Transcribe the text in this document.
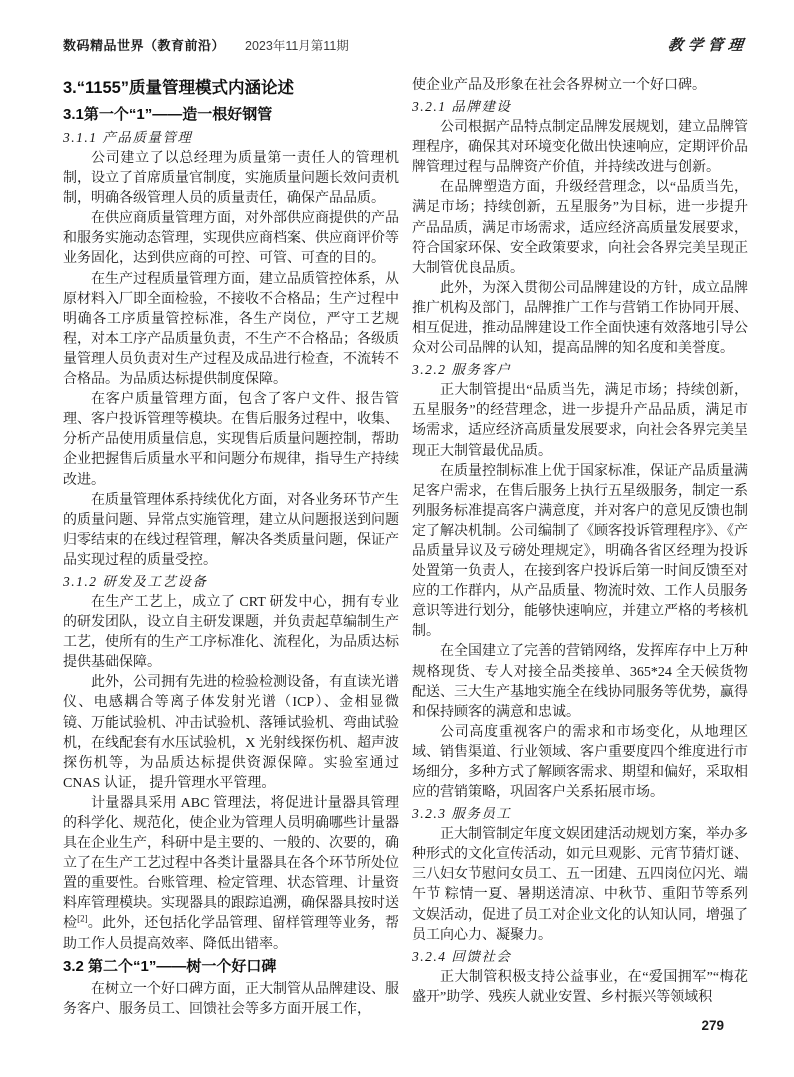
数码精品世界（教育前沿） 2023年11月第11期	教学管理
3.“1155”质量管理模式内涵论述
3.1第一个“1”——造一根好钢管
3.1.1 产品质量管理

公司建立了以总经理为质量第一责任人的管理机制，设立了首席质量官制度，实施质量问题长效问责机制，明确各级管理人员的质量责任，确保产品品质。

在供应商质量管理方面，对外部供应商提供的产品和服务实施动态管理，实现供应商档案、供应商评价等业务固化，达到供应商的可控、可管、可查的目的。

在生产过程质量管理方面，建立品质管控体系，从原材料入厂即全面检验，不接收不合格品；生产过程中明确各工序质量管控标准，各生产岗位，严守工艺规程，对本工序产品质量负责，不生产不合格品；各级质量管理人员负责对生产过程及成品进行检查，不流转不合格品。为品质达标提供制度保障。

在客户质量管理方面，包含了客户文件、报告管理、客户投诉管理等模块。在售后服务过程中，收集、分析产品使用质量信息，实现售后质量问题控制，帮助企业把握售后质量水平和问题分布规律，指导生产持续改进。

在质量管理体系持续优化方面，对各业务环节产生的质量问题、异常点实施管理，建立从问题报送到问题归零结束的在线过程管理，解决各类质量问题，保证产品实现过程的质量受控。

3.1.2 研发及工艺设备

在生产工艺上，成立了 CRT 研发中心，拥有专业的研发团队，设立自主研发课题，并负责起草编制生产工艺，使所有的生产工序标准化、流程化，为品质达标提供基础保障。

此外，公司拥有先进的检验检测设备，有直读光谱仪、电感耦合等离子体发射光谱（ICP）、金相显微镜、万能试验机、冲击试验机、落锤试验机、弯曲试验机，在线配套有水压试验机，X 光射线探伤机、超声波探伤机等，为品质达标提供资源保障。实验室通过 CNAS 认证， 提升管理水平管理。

计量器具采用 ABC 管理法，将促进计量器具管理的科学化、规范化，使企业为管理人员明确哪些计量器具在企业生产，科研中是主要的、一般的、次要的，确立了在生产工艺过程中各类计量器具在各个环节所处位置的重要性。台账管理、检定管理、状态管理、计量资料库管理模块。实现器具的跟踪追溯，确保器具按时送检[2]。此外，还包括化学品管理、留样管理等业务，帮助工作人员提高效率、降低出错率。

3.2 第二个“1”——树一个好口碑

在树立一个好口碑方面，正大制管从品牌建设、服务客户、服务员工、回馈社会等多方面开展工作，

使企业产品及形象在社会各界树立一个好口碑。

3.2.1 品牌建设

公司根据产品特点制定品牌发展规划，建立品牌管理程序，确保其对环境变化做出快速响应，定期评价品牌管理过程与品牌资产价值，并持续改进与创新。

在品牌塑造方面，升级经营理念，以“品质当先，满足市场；持续创新，五星服务”为目标，进一步提升产品品质，满足市场需求，适应经济高质量发展要求，符合国家环保、安全政策要求，向社会各界完美呈现正大制管优良品质。

此外，为深入贯彻公司品牌建设的方针，成立品牌推广机构及部门，品牌推广工作与营销工作协同开展、相互促进，推动品牌建设工作全面快速有效落地引导公众对公司品牌的认知，提高品牌的知名度和美誉度。

3.2.2 服务客户

正大制管提出“品质当先，满足市场；持续创新，五星服务”的经营理念，进一步提升产品品质，满足市场需求，适应经济高质量发展要求，向社会各界完美呈现正大制管最优品质。

在质量控制标准上优于国家标准，保证产品质量满足客户需求，在售后服务上执行五星级服务，制定一系列服务标准提高客户满意度，并对客户的意见反馈也制定了解决机制。公司编制了《顾客投诉管理程序》、《产品质量异议及亏磅处理规定》，明确各省区经理为投诉处置第一负责人，在接到客户投诉后第一时间反馈至对应的工作群内，从产品质量、物流时效、工作人员服务意识等进行划分，能够快速响应，并建立严格的考核机制。

在全国建立了完善的营销网络，发挥库存中上万种规格现货、专人对接全品类接单、365*24 全天候货物配送、三大生产基地实施全在线协同服务等优势，赢得和保持顾客的满意和忠诚。

公司高度重视客户的需求和市场变化，从地理区域、销售渠道、行业领域、客户重要度四个维度进行市场细分，多种方式了解顾客需求、期望和偏好，采取相应的营销策略，巩固客户关系拓展市场。

3.2.3 服务员工

正大制管制定年度文娱团建活动规划方案，举办多种形式的文化宣传活动，如元旦观影、元宵节猜灯谜、三八妇女节慰问女员工、五一团建、五四岗位闪光、端午节 粽情一夏、暑期送清凉、中秋节、重阳节等系列文娱活动，促进了员工对企业文化的认知认同，增强了员工向心力、凝聚力。

3.2.4 回馈社会

正大制管积极支持公益事业，在“爱国拥军”“梅花盛开”助学、残疾人就业安置、乡村振兴等领域积

279
